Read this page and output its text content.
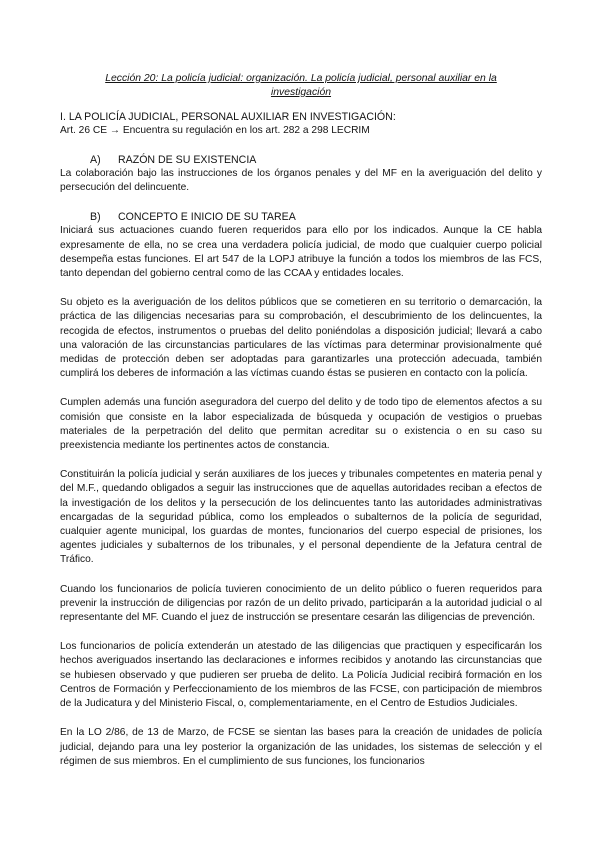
Lección 20: La policía judicial: organización. La policía judicial, personal auxiliar en la investigación
I. LA POLICÍA JUDICIAL, PERSONAL AUXILIAR EN INVESTIGACIÓN:
Art. 26 CE → Encuentra su regulación en los art. 282 a 298 LECRIM
A)	RAZÓN DE SU EXISTENCIA

La colaboración bajo las instrucciones de los órganos penales y del MF en la averiguación del delito y persecución del delincuente.

B)	CONCEPTO E INICIO DE SU TAREA

Iniciará sus actuaciones cuando fueren requeridos para ello por los indicados. Aunque la CE habla expresamente de ella, no se crea una verdadera policía judicial, de modo que cualquier cuerpo policial desempeña estas funciones. El art 547 de la LOPJ atribuye la función a todos los miembros de las FCS, tanto dependan del gobierno central como de las CCAA y entidades locales.

Su objeto es la averiguación de los delitos públicos que se cometieren en su territorio o demarcación, la práctica de las diligencias necesarias para su comprobación, el descubrimiento de los delincuentes, la recogida de efectos, instrumentos o pruebas del delito poniéndolas a disposición judicial; llevará a cabo una valoración de las circunstancias particulares de las víctimas para determinar provisionalmente qué medidas de protección deben ser adoptadas para garantizarles una protección adecuada, también cumplirá los deberes de información a las víctimas cuando éstas se pusieren en contacto con la policía.

Cumplen además una función aseguradora del cuerpo del delito y de todo tipo de elementos afectos a su comisión que consiste en la labor especializada de búsqueda y ocupación de vestigios o pruebas materiales de la perpetración del delito que permitan acreditar su o existencia o en su caso su preexistencia mediante los pertinentes actos de constancia.

Constituirán la policía judicial y serán auxiliares de los jueces y tribunales competentes en materia penal y del M.F., quedando obligados a seguir las instrucciones que de aquellas autoridades reciban a efectos de la investigación de los delitos y la persecución de los delincuentes tanto las autoridades administrativas encargadas de la seguridad pública, como los empleados o subalternos de la policía de seguridad, cualquier agente municipal, los guardas de montes, funcionarios del cuerpo especial de prisiones, los agentes judiciales y subalternos de los tribunales, y el personal dependiente de la Jefatura central de Tráfico.

Cuando los funcionarios de policía tuvieren conocimiento de un delito público o fueren requeridos para prevenir la instrucción de diligencias por razón de un delito privado, participarán a la autoridad judicial o al representante del MF. Cuando el juez de instrucción se presentare cesarán las diligencias de prevención.

Los funcionarios de policía extenderán un atestado de las diligencias que practiquen y especificarán los hechos averiguados insertando las declaraciones e informes recibidos y anotando las circunstancias que se hubiesen observado y que pudieren ser prueba de delito. La Policía Judicial recibirá formación en los Centros de Formación y Perfeccionamiento de los miembros de las FCSE, con participación de miembros de la Judicatura y del Ministerio Fiscal, o, complementariamente, en el Centro de Estudios Judiciales.

En la LO 2/86, de 13 de Marzo, de FCSE se sientan las bases para la creación de unidades de policía judicial, dejando para una ley posterior la organización de las unidades, los sistemas de selección y el régimen de sus miembros. En el cumplimiento de sus funciones, los funcionarios
